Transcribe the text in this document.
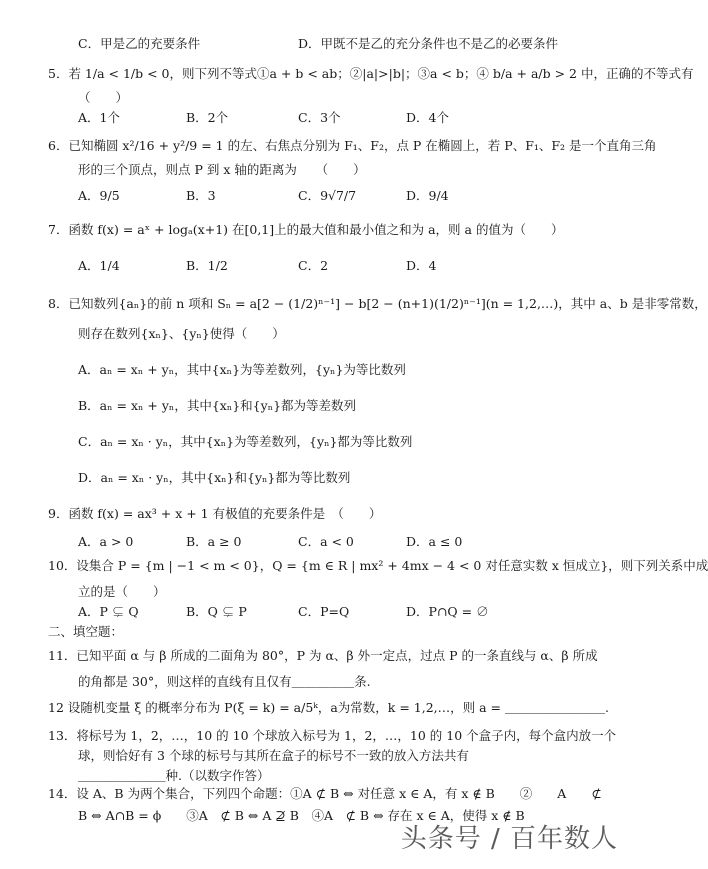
C．甲是乙的充要条件	D．甲既不是乙的充分条件也不是乙的必要条件
5．若 1/a < 1/b < 0，则下列不等式①a + b < ab；②|a|>|b|；③a < b；④ b/a + a/b > 2 中，正确的不等式有
（　　）
A．1个	B．2个	C．3个	D．4个
6．已知椭圆 x²/16 + y²/9 = 1 的左、右焦点分别为 F₁、F₂，点 P 在椭圆上，若 P、F₁、F₂ 是一个直角三角
形的三个顶点，则点 P 到 x 轴的距离为　　（　　）
A．9/5	B．3	C．9√7/7	D．9/4
7．函数 f(x) = aˣ + logₐ(x+1) 在[0,1]上的最大值和最小值之和为 a，则 a 的值为（　　）
A．1/4	B．1/2	C．2	D．4
8．已知数列{aₙ}的前 n 项和 Sₙ = a[2 − (1/2)ⁿ⁻¹] − b[2 − (n+1)(1/2)ⁿ⁻¹](n = 1,2,…)，其中 a、b 是非零常数，
则存在数列{xₙ}、{yₙ}使得（　　）
A．aₙ = xₙ + yₙ，其中{xₙ}为等差数列，{yₙ}为等比数列
B．aₙ = xₙ + yₙ，其中{xₙ}和{yₙ}都为等差数列
C．aₙ = xₙ · yₙ，其中{xₙ}为等差数列，{yₙ}都为等比数列
D．aₙ = xₙ · yₙ，其中{xₙ}和{yₙ}都为等比数列
9．函数 f(x) = ax³ + x + 1 有极值的充要条件是　（　　）
A．a > 0	B．a ≥ 0	C．a < 0	D．a ≤ 0
10．设集合 P = {m | −1 < m < 0}，Q = {m ∈ R | mx² + 4mx − 4 < 0 对任意实数 x 恒成立}，则下列关系中成
立的是（　　）
A．P ⊊ Q	B．Q ⊊ P	C．P=Q	D．P∩Q = ∅
二、填空题：
11．已知平面 α 与 β 所成的二面角为 80°，P 为 α、β 外一定点，过点 P 的一条直线与 α、β 所成
的角都是 30°，则这样的直线有且仅有＿＿＿＿＿条.
12 设随机变量 ξ 的概率分布为 P(ξ = k) = a/5ᵏ，a为常数，k = 1,2,…，则 a = ＿＿＿＿＿＿＿＿.
13．将标号为 1，2，…，10 的 10 个球放入标号为 1，2，…，10 的 10 个盒子内，每个盒内放一个
球，则恰好有 3 个球的标号与其所在盒子的标号不一致的放入方法共有
＿＿＿＿＿＿＿种.（以数字作答）
14．设 A、B 为两个集合，下列四个命题：①A ⊄ B ⇔ 对任意 x ∈ A，有 x ∉ B　　②　　A　　⊄
B ⇔ A∩B = ϕ　　③A　⊄ B ⇔ A ⊉ B　④A　⊄ B ⇔ 存在 x ∈ A，使得 x ∉ B
头条号 / 百年数人
